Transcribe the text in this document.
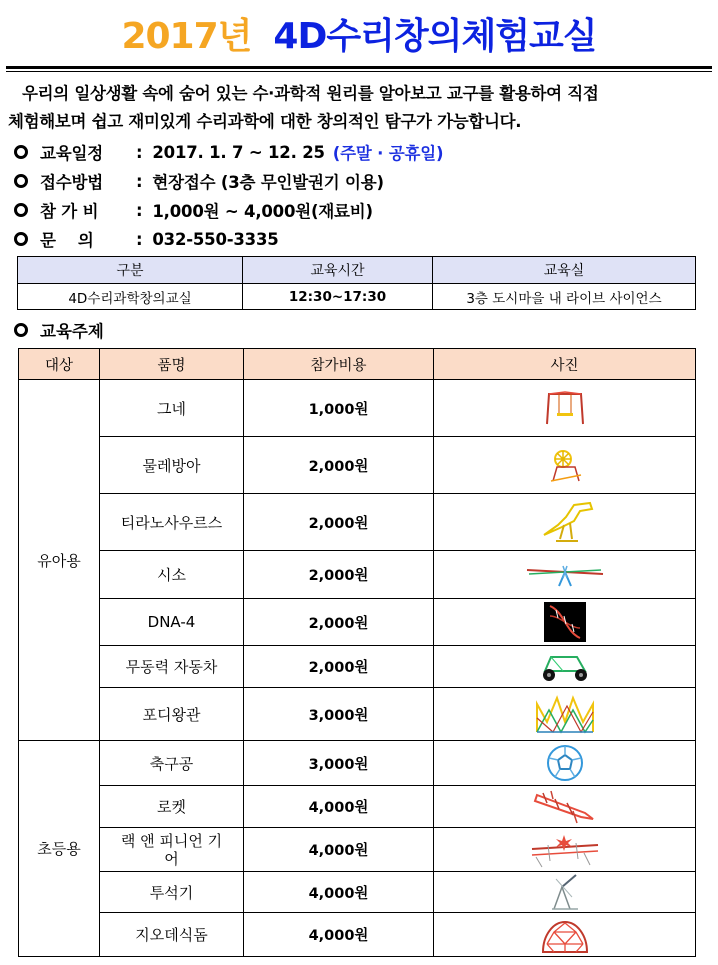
2017년 4D수리창의체험교실

우리의 일상생활 속에 숨어 있는 수·과학적 원리를 알아보고 교구를 활용하여 직접

체험해보며 쉽고 재미있게 수리과학에 대한 창의적인 탐구가 가능합니다.

교육일정	: 2017. 1. 7 ~ 12. 25 (주말 · 공휴일)
접수방법	: 현장접수 (3층 무인발권기 이용)
참 가 비	: 1,000원 ~ 4,000원(재료비)
문    의	: 032-550-3335
구분	교육시간	교육실
4D수리과학창의교실	12:30~17:30	3층 도시마을 내 라이브 사이언스
교육주제
대상	품명	참가비용	사진
유아용	그네	1,000원	

	물레방아	2,000원	

	티라노사우르스	2,000원	

	시소	2,000원	

	DNA-4	2,000원	

	무동력 자동차	2,000원	

	포디왕관	3,000원	

초등용	축구공	3,000원	

	로켓	4,000원	

	랙 앤 피니언 기어	4,000원	

	투석기	4,000원	

	지오데식돔	4,000원	
